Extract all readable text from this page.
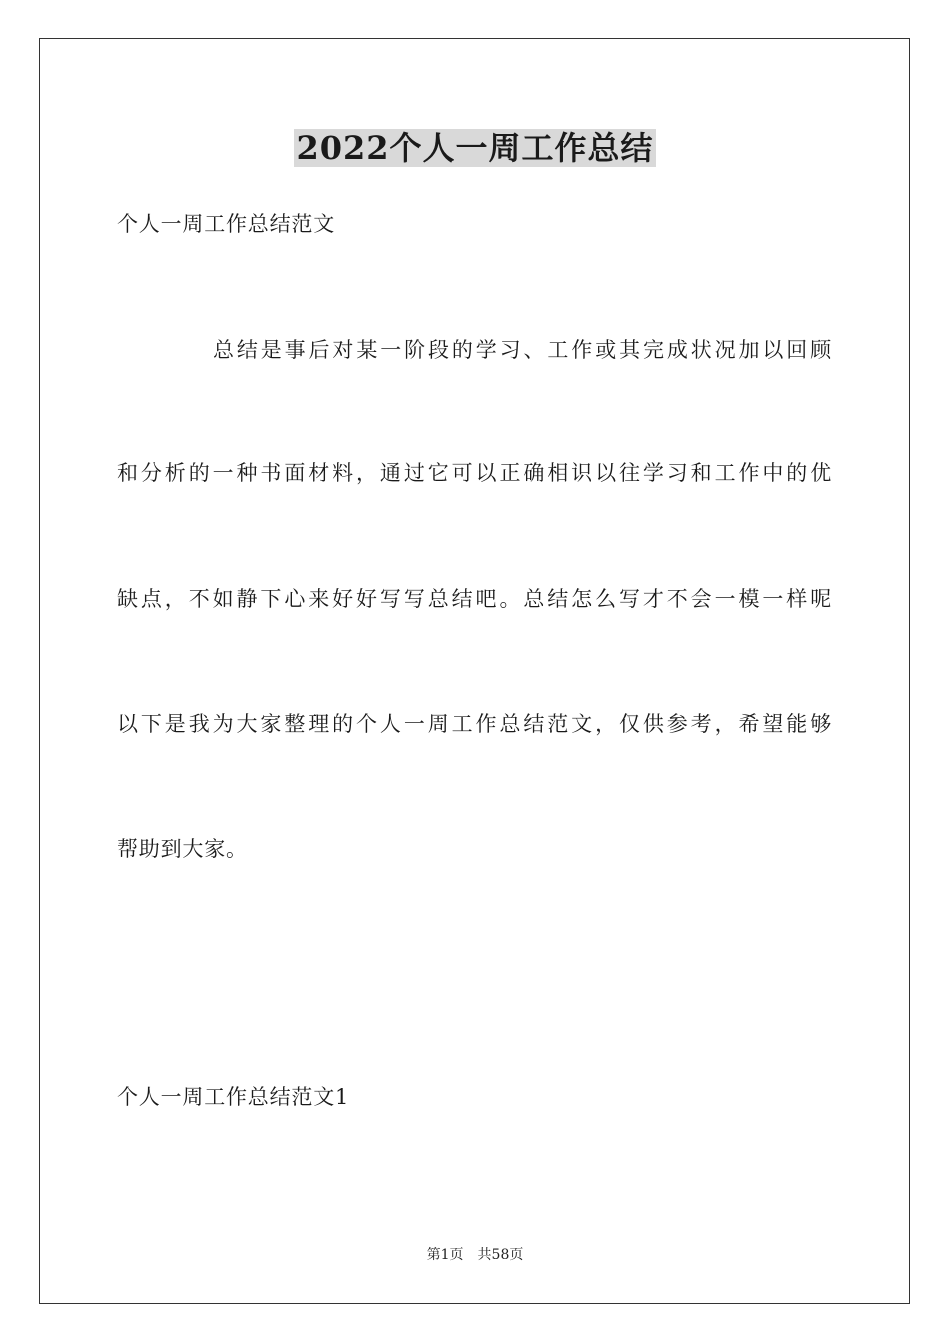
2022个人一周工作总结
个人一周工作总结范文
总结是事后对某一阶段的学习、工作或其完成状况加以回顾
和分析的一种书面材料，通过它可以正确相识以往学习和工作中的优
缺点，不如静下心来好好写写总结吧。总结怎么写才不会一模一样呢
以下是我为大家整理的个人一周工作总结范文，仅供参考，希望能够
帮助到大家。
个人一周工作总结范文1
第1页 共58页
